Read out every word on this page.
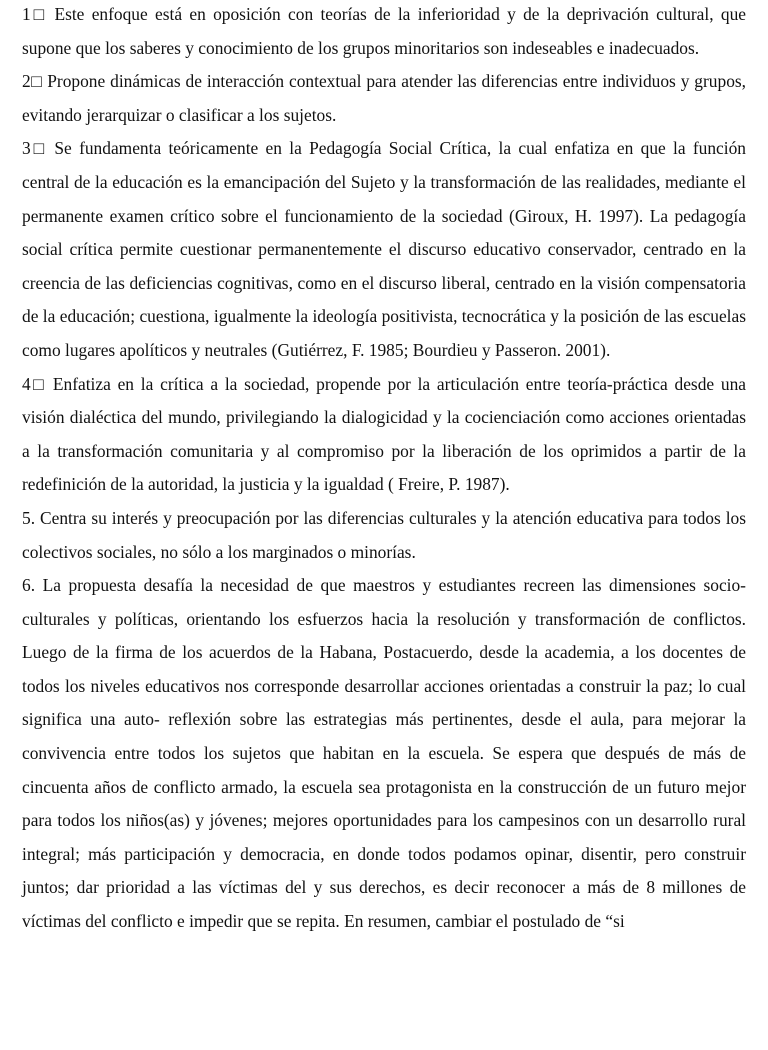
1□ Este enfoque está en oposición con teorías de la inferioridad y de la deprivación cultural, que supone que los saberes y conocimiento de los grupos minoritarios son indeseables e inadecuados.

2□ Propone dinámicas de interacción contextual para atender las diferencias entre individuos y grupos, evitando jerarquizar o clasificar a los sujetos.

3□ Se fundamenta teóricamente en la Pedagogía Social Crítica, la cual enfatiza en que la función central de la educación es la emancipación del Sujeto y la transformación de las realidades, mediante el permanente examen crítico sobre el funcionamiento de la sociedad (Giroux, H. 1997). La pedagogía social crítica permite cuestionar permanentemente el discurso educativo conservador, centrado en la creencia de las deficiencias cognitivas, como en el discurso liberal, centrado en la visión compensatoria de la educación; cuestiona, igualmente la ideología positivista, tecnocrática y la posición de las escuelas como lugares apolíticos y neutrales (Gutiérrez, F. 1985; Bourdieu y Passeron. 2001).

4□ Enfatiza en la crítica a la sociedad, propende por la articulación entre teoría-práctica desde una visión dialéctica del mundo, privilegiando la dialogicidad y la cocienciación como acciones orientadas a la transformación comunitaria y al compromiso por la liberación de los oprimidos a partir de la redefinición de la autoridad, la justicia y la igualdad ( Freire, P. 1987).

5. Centra su interés y preocupación por las diferencias culturales y la atención educativa para todos los colectivos sociales, no sólo a los marginados o minorías.

6. La propuesta desafía la necesidad de que maestros y estudiantes recreen las dimensiones socio-culturales y políticas, orientando los esfuerzos hacia la resolución y transformación de conflictos. Luego de la firma de los acuerdos de la Habana, Postacuerdo, desde la academia, a los docentes de todos los niveles educativos nos corresponde desarrollar acciones orientadas a construir la paz; lo cual significa una auto- reflexión sobre las estrategias más pertinentes, desde el aula, para mejorar la convivencia entre todos los sujetos que habitan en la escuela. Se espera que después de más de cincuenta años de conflicto armado, la escuela sea protagonista en la construcción de un futuro mejor para todos los niños(as) y jóvenes; mejores oportunidades para los campesinos con un desarrollo rural integral; más participación y democracia, en donde todos podamos opinar, disentir, pero construir juntos; dar prioridad a las víctimas del y sus derechos, es decir reconocer a más de 8 millones de víctimas del conflicto e impedir que se repita. En resumen, cambiar el postulado de “si
